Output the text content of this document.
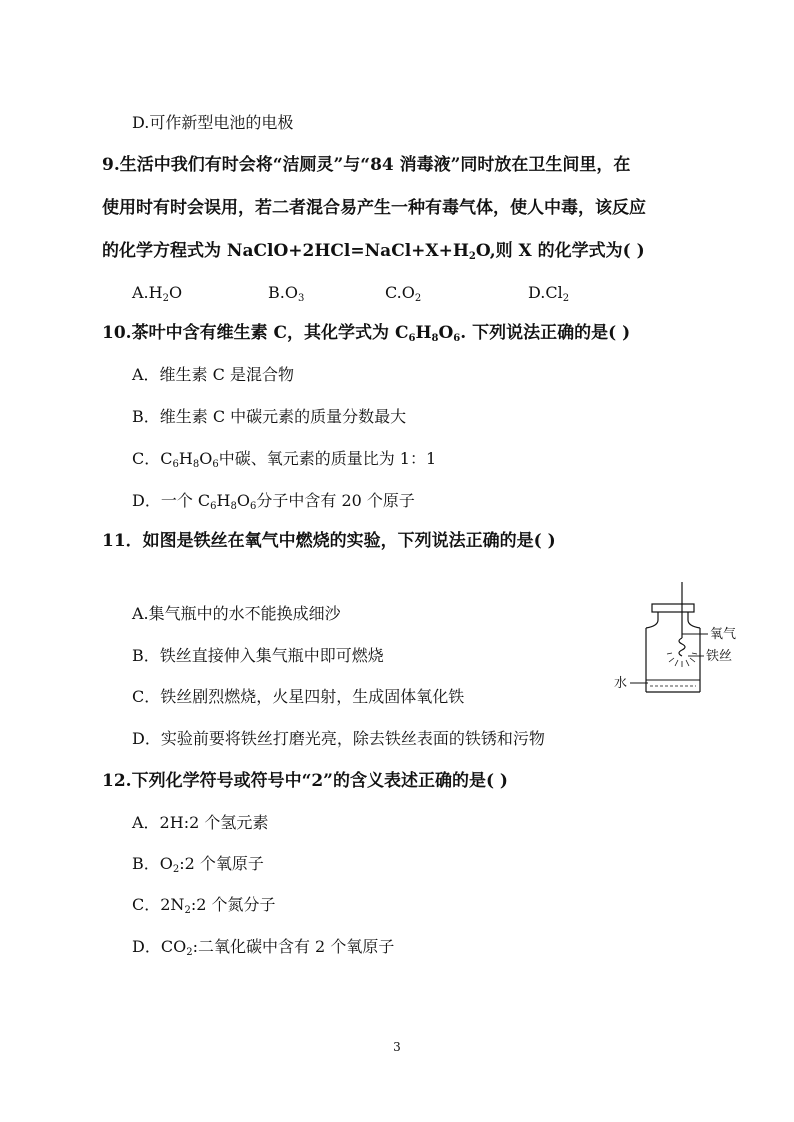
D.可作新型电池的电极
9.生活中我们有时会将“洁厕灵”与“84 消毒液”同时放在卫生间里，在
使用时有时会误用，若二者混合易产生一种有毒气体，使人中毒，该反应
的化学方程式为 $NaClO+2HCl=NaCl+X+H_2O$,则 X 的化学式为( )
$A.H_2O$	$B.O_3$	$C.O_2$	$D.Cl_2$
10.茶叶中含有维生素 C，其化学式为 $C_6H_8O_6$. 下列说法正确的是( )
A．维生素 C 是混合物
B．维生素 C 中碳元素的质量分数最大
C．$C_6H_8O_6$中碳、氧元素的质量比为 1：1
D．一个 $C_6H_8O_6$分子中含有 20 个原子
11．如图是铁丝在氧气中燃烧的实验，下列说法正确的是( )
A.集气瓶中的水不能换成细沙
B．铁丝直接伸入集气瓶中即可燃烧
C．铁丝剧烈燃烧，火星四射，生成固体氧化铁
D．实验前要将铁丝打磨光亮，除去铁丝表面的铁锈和污物
氧气
铁丝
水
12.下列化学符号或符号中“2”的含义表述正确的是( )
A．2H:2 个氢元素
B．$O_2:2$ 个氧原子
C．$2N_2:2$ 个氮分子
D．$CO_2$:二氧化碳中含有 2 个氧原子
3
